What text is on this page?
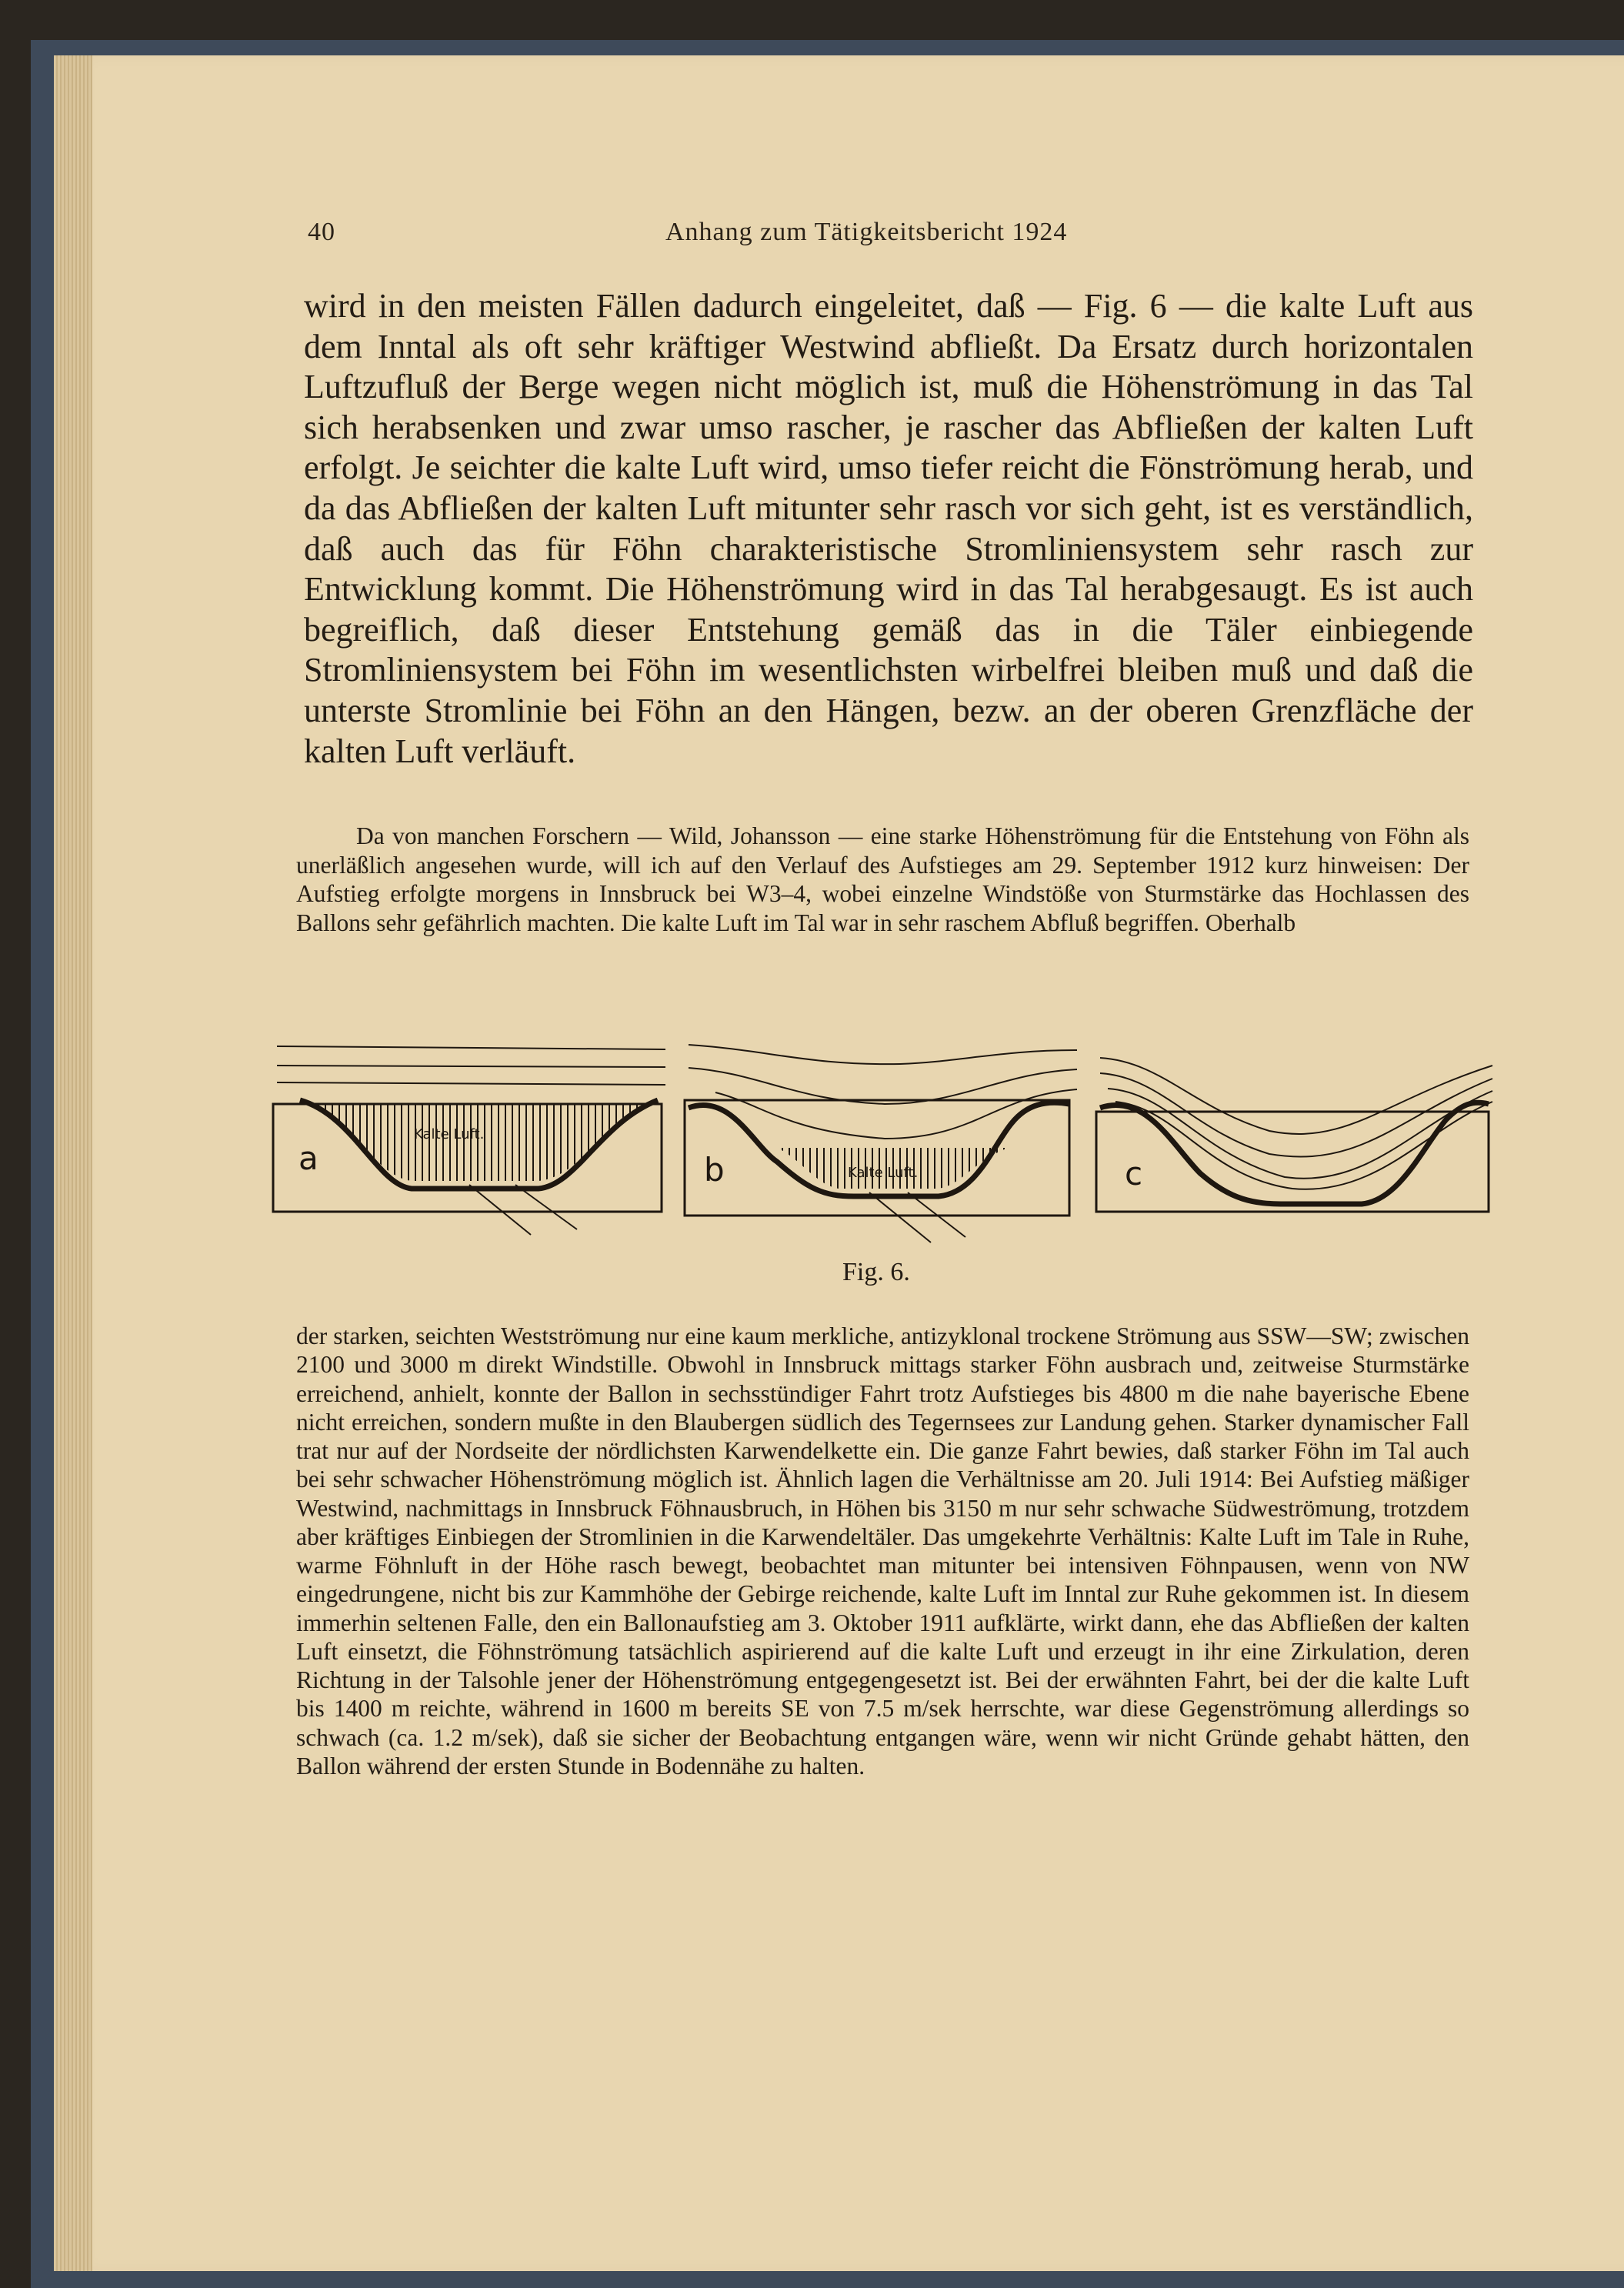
40	Anhang zum Tätigkeitsbericht 1924

wird in den meisten Fällen dadurch eingeleitet, daß — Fig. 6 — die kalte Luft aus dem Inntal als oft sehr kräftiger Westwind abfließt. Da Ersatz durch horizontalen Luftzufluß der Berge wegen nicht möglich ist, muß die Höhenströmung in das Tal sich herabsenken und zwar umso rascher, je rascher das Abfließen der kalten Luft erfolgt. Je seichter die kalte Luft wird, umso tiefer reicht die Fönströmung herab, und da das Abfließen der kalten Luft mitunter sehr rasch vor sich geht, ist es verständlich, daß auch das für Föhn charakteristische Stromliniensystem sehr rasch zur Entwicklung kommt. Die Höhenströmung wird in das Tal herabgesaugt. Es ist auch begreiflich, daß dieser Entstehung gemäß das in die Täler einbiegende Stromliniensystem bei Föhn im wesentlichsten wirbelfrei bleiben muß und daß die unterste Stromlinie bei Föhn an den Hängen, bezw. an der oberen Grenzfläche der kalten Luft verläuft.

Da von manchen Forschern — Wild, Johansson — eine starke Höhenströmung für die Entstehung von Föhn als unerläßlich angesehen wurde, will ich auf den Verlauf des Aufstieges am 29. September 1912 kurz hinweisen: Der Aufstieg erfolgte morgens in Innsbruck bei W3–4, wobei einzelne Windstöße von Sturmstärke das Hochlassen des Ballons sehr gefährlich machten. Die kalte Luft im Tal war in sehr raschem Abfluß begriffen. Oberhalb

Kalte Luft.
a	Kalte Luft.
b	c
Fig. 6.

der starken, seichten Westströmung nur eine kaum merkliche, antizyklonal trockene Strömung aus SSW—SW; zwischen 2100 und 3000 m direkt Windstille. Obwohl in Innsbruck mittags starker Föhn ausbrach und, zeitweise Sturmstärke erreichend, anhielt, konnte der Ballon in sechsstündiger Fahrt trotz Aufstieges bis 4800 m die nahe bayerische Ebene nicht erreichen, sondern mußte in den Blaubergen südlich des Tegernsees zur Landung gehen. Starker dynamischer Fall trat nur auf der Nordseite der nördlichsten Karwendelkette ein. Die ganze Fahrt bewies, daß starker Föhn im Tal auch bei sehr schwacher Höhenströmung möglich ist. Ähnlich lagen die Verhältnisse am 20. Juli 1914: Bei Aufstieg mäßiger Westwind, nachmittags in Innsbruck Föhnausbruch, in Höhen bis 3150 m nur sehr schwache Südweströmung, trotzdem aber kräftiges Einbiegen der Stromlinien in die Karwendeltäler. Das umgekehrte Verhältnis: Kalte Luft im Tale in Ruhe, warme Föhnluft in der Höhe rasch bewegt, beobachtet man mitunter bei intensiven Föhnpausen, wenn von NW eingedrungene, nicht bis zur Kammhöhe der Gebirge reichende, kalte Luft im Inntal zur Ruhe gekommen ist. In diesem immerhin seltenen Falle, den ein Ballonaufstieg am 3. Oktober 1911 aufklärte, wirkt dann, ehe das Abfließen der kalten Luft einsetzt, die Föhnströmung tatsächlich aspirierend auf die kalte Luft und erzeugt in ihr eine Zirkulation, deren Richtung in der Talsohle jener der Höhenströmung entgegengesetzt ist. Bei der erwähnten Fahrt, bei der die kalte Luft bis 1400 m reichte, während in 1600 m bereits SE von 7.5 m/sek herrschte, war diese Gegenströmung allerdings so schwach (ca. 1.2 m/sek), daß sie sicher der Beobachtung entgangen wäre, wenn wir nicht Gründe gehabt hätten, den Ballon während der ersten Stunde in Bodennähe zu halten.
